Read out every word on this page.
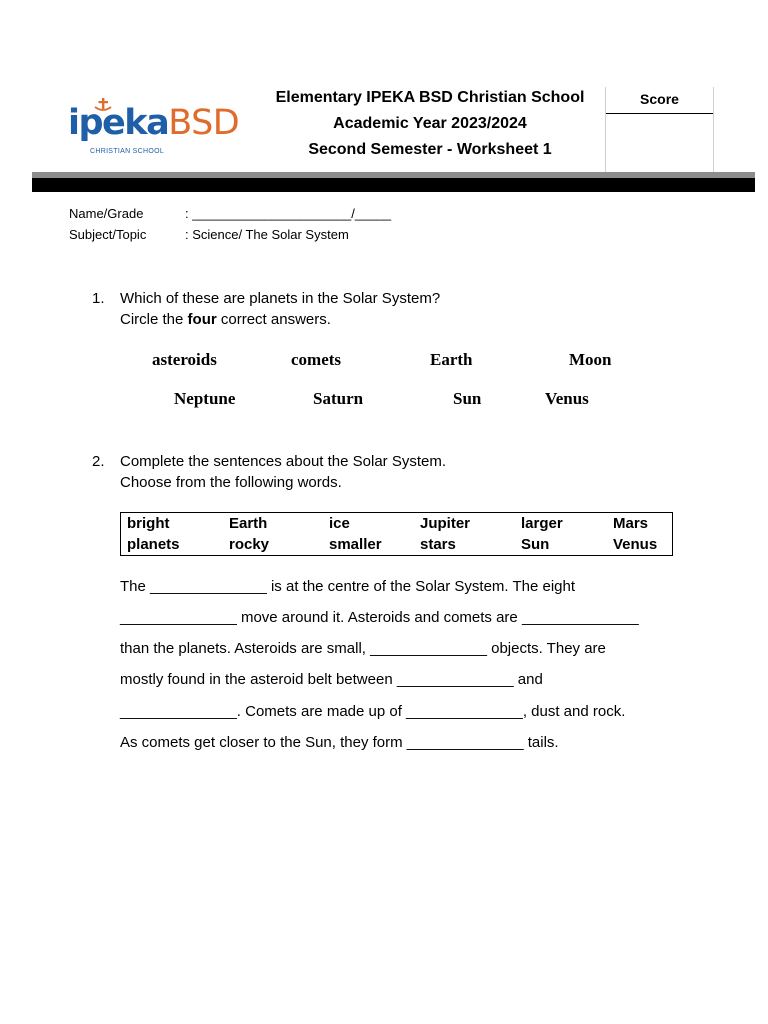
ipekaBSD
CHRISTIAN SCHOOL
Elementary IPEKA BSD Christian School
Academic Year 2023/2024
Second Semester - Worksheet 1
Score
Name/Grade	: ______________________/_____
Subject/Topic	: Science/ The Solar System
1. Which of these are planets in the Solar System?
Circle the four correct answers.
asteroids	comets	Earth	Moon
Neptune	Saturn	Sun	Venus
2. Complete the sentences about the Solar System.
Choose from the following words.
bright	Earth	ice	Jupiter	larger	Mars
planets	rocky	smaller	stars	Sun	Venus
The ______________ is at the centre of the Solar System. The eight
______________ move around it. Asteroids and comets are ______________
than the planets. Asteroids are small, ______________ objects. They are
mostly found in the asteroid belt between ______________ and
______________. Comets are made up of ______________, dust and rock.
As comets get closer to the Sun, they form ______________ tails.
